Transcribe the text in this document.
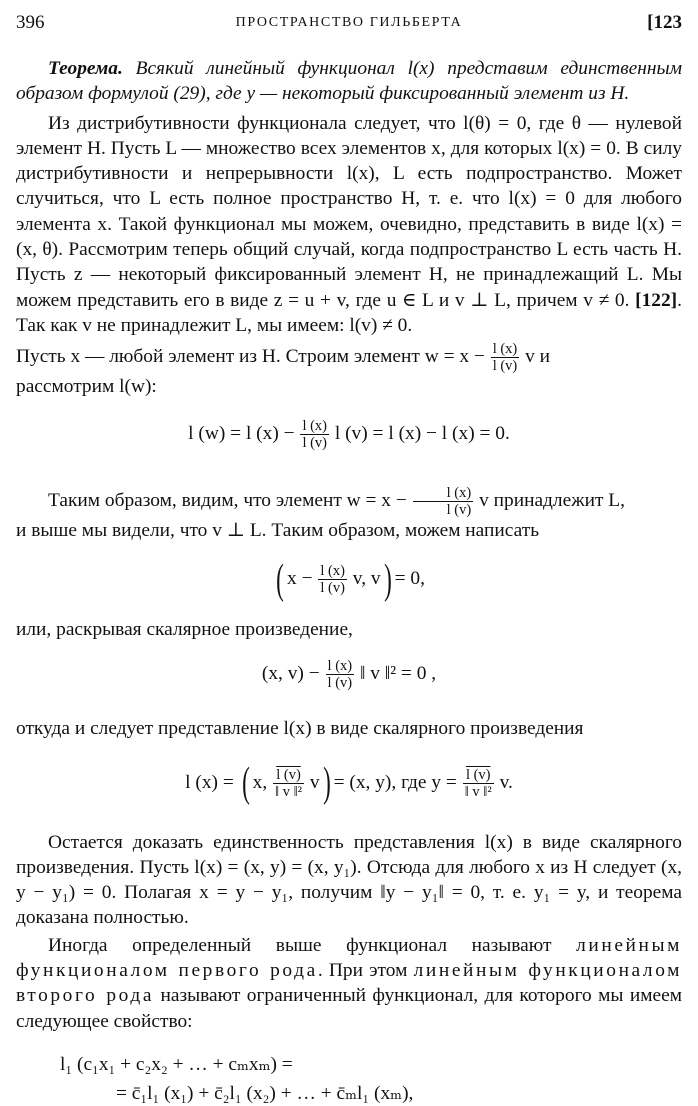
396	ПРОСТРАНСТВО ГИЛЬБЕРТА	[123

Теорема. Всякий линейный функционал l(x) представим единственным образом формулой (29), где y — некоторый фиксированный элемент из H.

Из дистрибутивности функционала следует, что l(θ) = 0, где θ — нулевой элемент H. Пусть L — множество всех элементов x, для которых l(x) = 0. В силу дистрибутивности и непрерывности l(x), L есть подпространство. Может случиться, что L есть полное пространство H, т. е. что l(x) = 0 для любого элемента x. Такой функционал мы можем, очевидно, представить в виде l(x) = (x, θ). Рассмотрим теперь общий случай, когда подпространство L есть часть H. Пусть z — некоторый фиксированный элемент H, не принадлежащий L. Мы можем представить его в виде z = u + v, где u ∈ L и v ⊥ L, причем v ≠ 0. [122]. Так как v не принадлежит L, мы имеем: l(v) ≠ 0.

Пусть x — любой элемент из H. Строим элемент $w = x - \frac{l (x)}{l (v)}$ v и

рассмотрим l(w):

l (w) = l $(x) - \frac{l (x)}{l (v)}$ l (v) = l (x) − l (x) = 0.

Таким образом, видим, что элемент $w = x - \frac{l (x)}{l (v)}$ v принадлежит L,

и выше мы видели, что v ⊥ L. Таким образом, можем написать

( $x - \frac{l (x)}{l (v)} v$, v) = 0,

или, раскрывая скалярное произведение,

(x, $v) - \frac{l (x)}{l (v)}$ ‖ v ‖² = 0 ,

откуда и следует представление l(x) в виде скалярного произведения

l (x) = ( x, $\frac{l (v)}{\text{‖ v ‖²}} v) = (x$, y), где $y = \frac{l (v)}{\text{‖ v ‖²}} v$.

Остается доказать единственность представления l(x) в виде скалярного произведения. Пусть l(x) = (x, y) = (x, y₁). Отсюда для любого x из H следует (x, y − y₁) = 0. Полагая x = y − y₁, получим ‖y − y₁‖ = 0, т. е. y₁ = y, и теорема доказана полностью.

Иногда определенный выше функционал называют линейным функционалом первого рода. При этом линейным функционалом второго рода называют ограниченный функционал, для которого мы имеем следующее свойство:

l₁ (c₁x₁ + c₂x₂ + … + cₘxₘ) =
= c̄₁l₁ (x₁) + c̄₂l₁ (x₂) + … + c̄ₘl₁ (xₘ),
